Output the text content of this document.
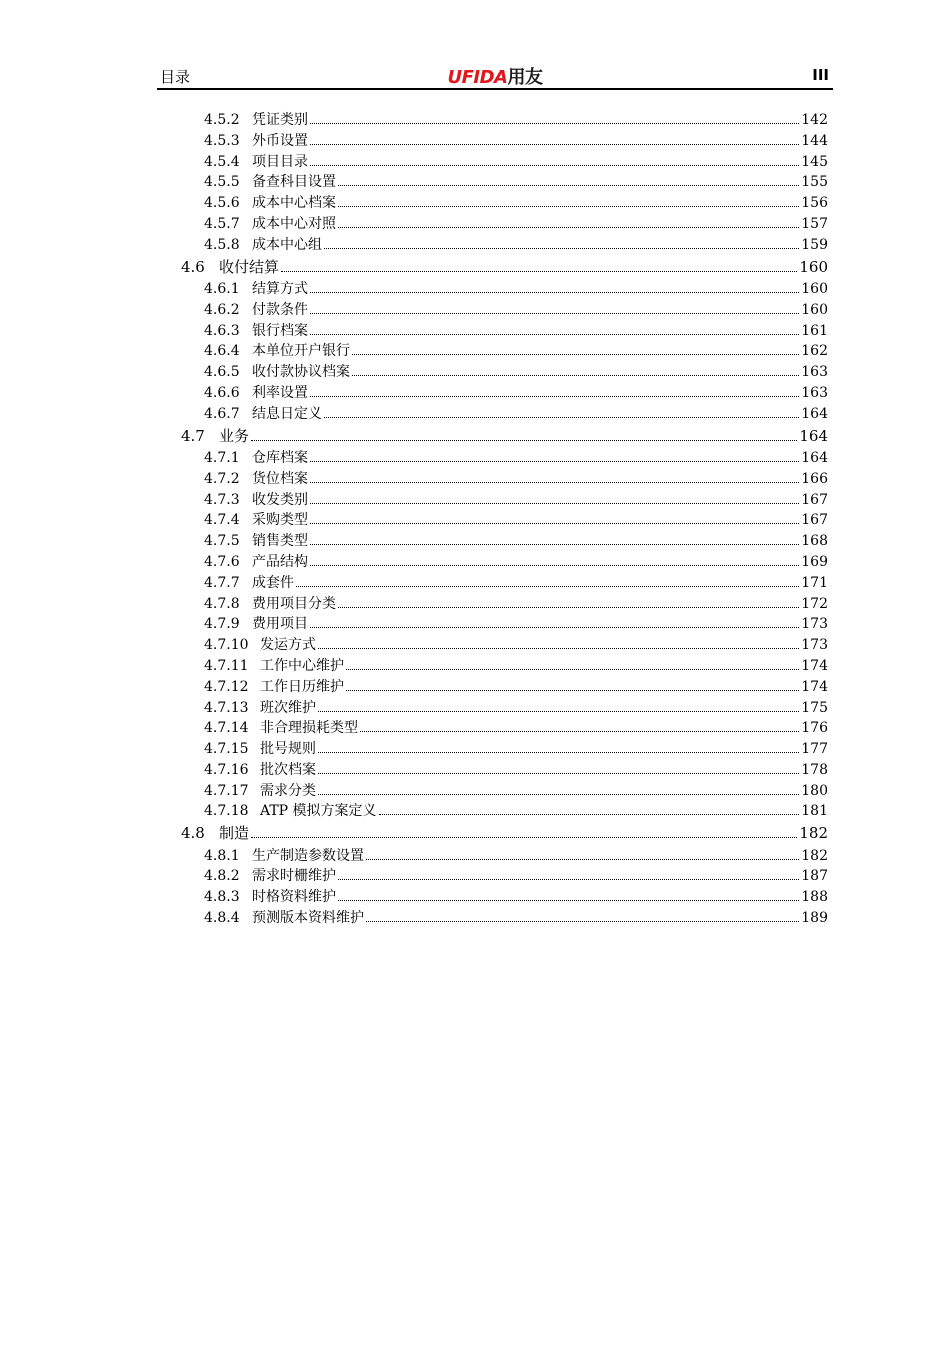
目录	UFIDA用友	III
4.5.2 凭证类别	142
4.5.3 外币设置	144
4.5.4 项目目录	145
4.5.5 备查科目设置	155
4.5.6 成本中心档案	156
4.5.7 成本中心对照	157
4.5.8 成本中心组	159
4.6 收付结算	160
4.6.1 结算方式	160
4.6.2 付款条件	160
4.6.3 银行档案	161
4.6.4 本单位开户银行	162
4.6.5 收付款协议档案	163
4.6.6 利率设置	163
4.6.7 结息日定义	164
4.7 业务	164
4.7.1 仓库档案	164
4.7.2 货位档案	166
4.7.3 收发类别	167
4.7.4 采购类型	167
4.7.5 销售类型	168
4.7.6 产品结构	169
4.7.7 成套件	171
4.7.8 费用项目分类	172
4.7.9 费用项目	173
4.7.10 发运方式	173
4.7.11 工作中心维护	174
4.7.12 工作日历维护	174
4.7.13 班次维护	175
4.7.14 非合理损耗类型	176
4.7.15 批号规则	177
4.7.16 批次档案	178
4.7.17 需求分类	180
4.7.18 ATP 模拟方案定义	181
4.8 制造	182
4.8.1 生产制造参数设置	182
4.8.2 需求时栅维护	187
4.8.3 时格资料维护	188
4.8.4 预测版本资料维护	189
